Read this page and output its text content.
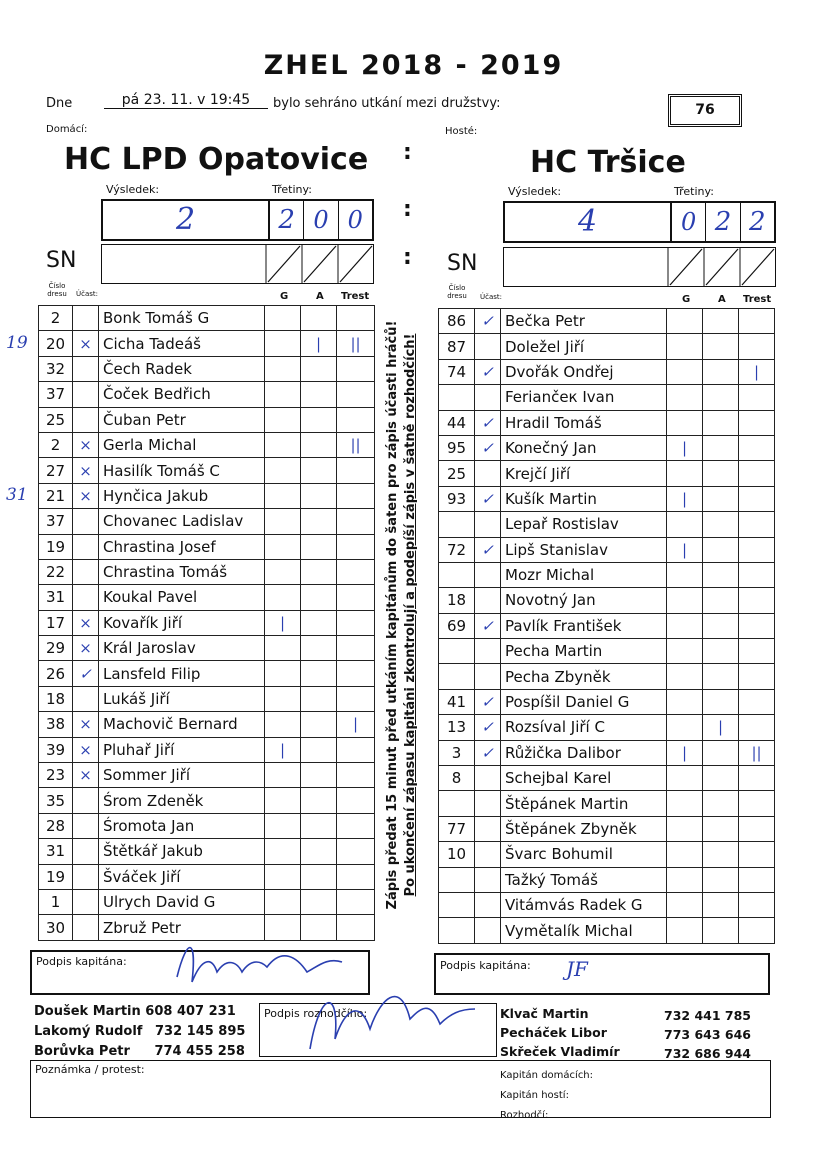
ZHEL 2018 - 2019
Dne	pá 23. 11. v 19:45	bylo sehráno utkání mezi družstvy:	76
Domácí:	Hosté:
HC LPD Opatovice	HC Tršice
:
:
:
Výsledek:	Třetiny:
2	2 0 0
Výsledek:	Třetiny:
4	0 2 2
SN	SN
Číslo dresu	Účast:	G	A Trest
Číslo dresu	Účast:	G	A Trest
2		Bonk Tomáš G			
20	×	Cicha Tadeáš		|	||
32		Čech Radek			
37		Čoček Bedřich			
25		Čuban Petr			
2	×	Gerla Michal			||
27	×	Hasilík Tomáš C			
21	×	Hynčica Jakub			
37		Chovanec Ladislav			
19		Chrastina Josef			
22		Chrastina Tomáš			
31		Koukal Pavel			
17	×	Kovařík Jiří	|		
29	×	Král Jaroslav			
26	✓	Lansfeld Filip			
18		Lukáš Jiří			
38	×	Machovič Bernard			|
39	×	Pluhař Jiří	|		
23	×	Sommer Jiří			
35		Śrom Zdeněk			
28		Śromota Jan			
31		Štětkář Jakub			
19		Šváček Jiří			
1		Ulrych David G			
30		Zbruž Petr			
19
31
86	✓	Bečka Petr			
87		Doležel Jiří			
74	✓	Dvořák Ondřej			|
		Feriančeк Ivan			
44	✓	Hradil Tomáš			
95	✓	Konečný Jan	|		
25		Krejčí Jiří			
93	✓	Kušík Martin	|		
		Lepař Rostislav			
72	✓	Lipš Stanislav	|		
		Mozr Michal			
18		Novotný Jan			
69	✓	Pavlík František			
		Pecha Martin			
		Pecha Zbyněk			
41	✓	Pospíšil Daniel G			
13	✓	Rozsíval Jiří C		|	
3	✓	Růžička Dalibor	|		||
8		Schejbal Karel			
		Štěpánek Martin			
77		Štěpánek Zbyněk			
10		Švarc Bohumil			
		Tažký Tomáš			
		Vitámvás Radek G			
		Vymětalík Michal			
Zápis předat 15 minut před utkáním kapitánům do šaten pro zápis účasti hráčů! Po ukončení zápasu kapitáni zkontrolují a podepíší zápis v šatně rozhodčích!
Podpis kapitána:	Podpis kapitána:	JF
Doušek Martin 608 407 231
Lakomý Rudolf 732 145 895
Borůvka Petr 774 455 258
Podpis rozhodčího:	Klvač Martin
Pecháček Libor
Skřeček Vladimír
732 441 785
773 643 646
732 686 944
Poznámka / protest:	Kapitán domácích:
Kapitán hostí:
Rozhodčí:
